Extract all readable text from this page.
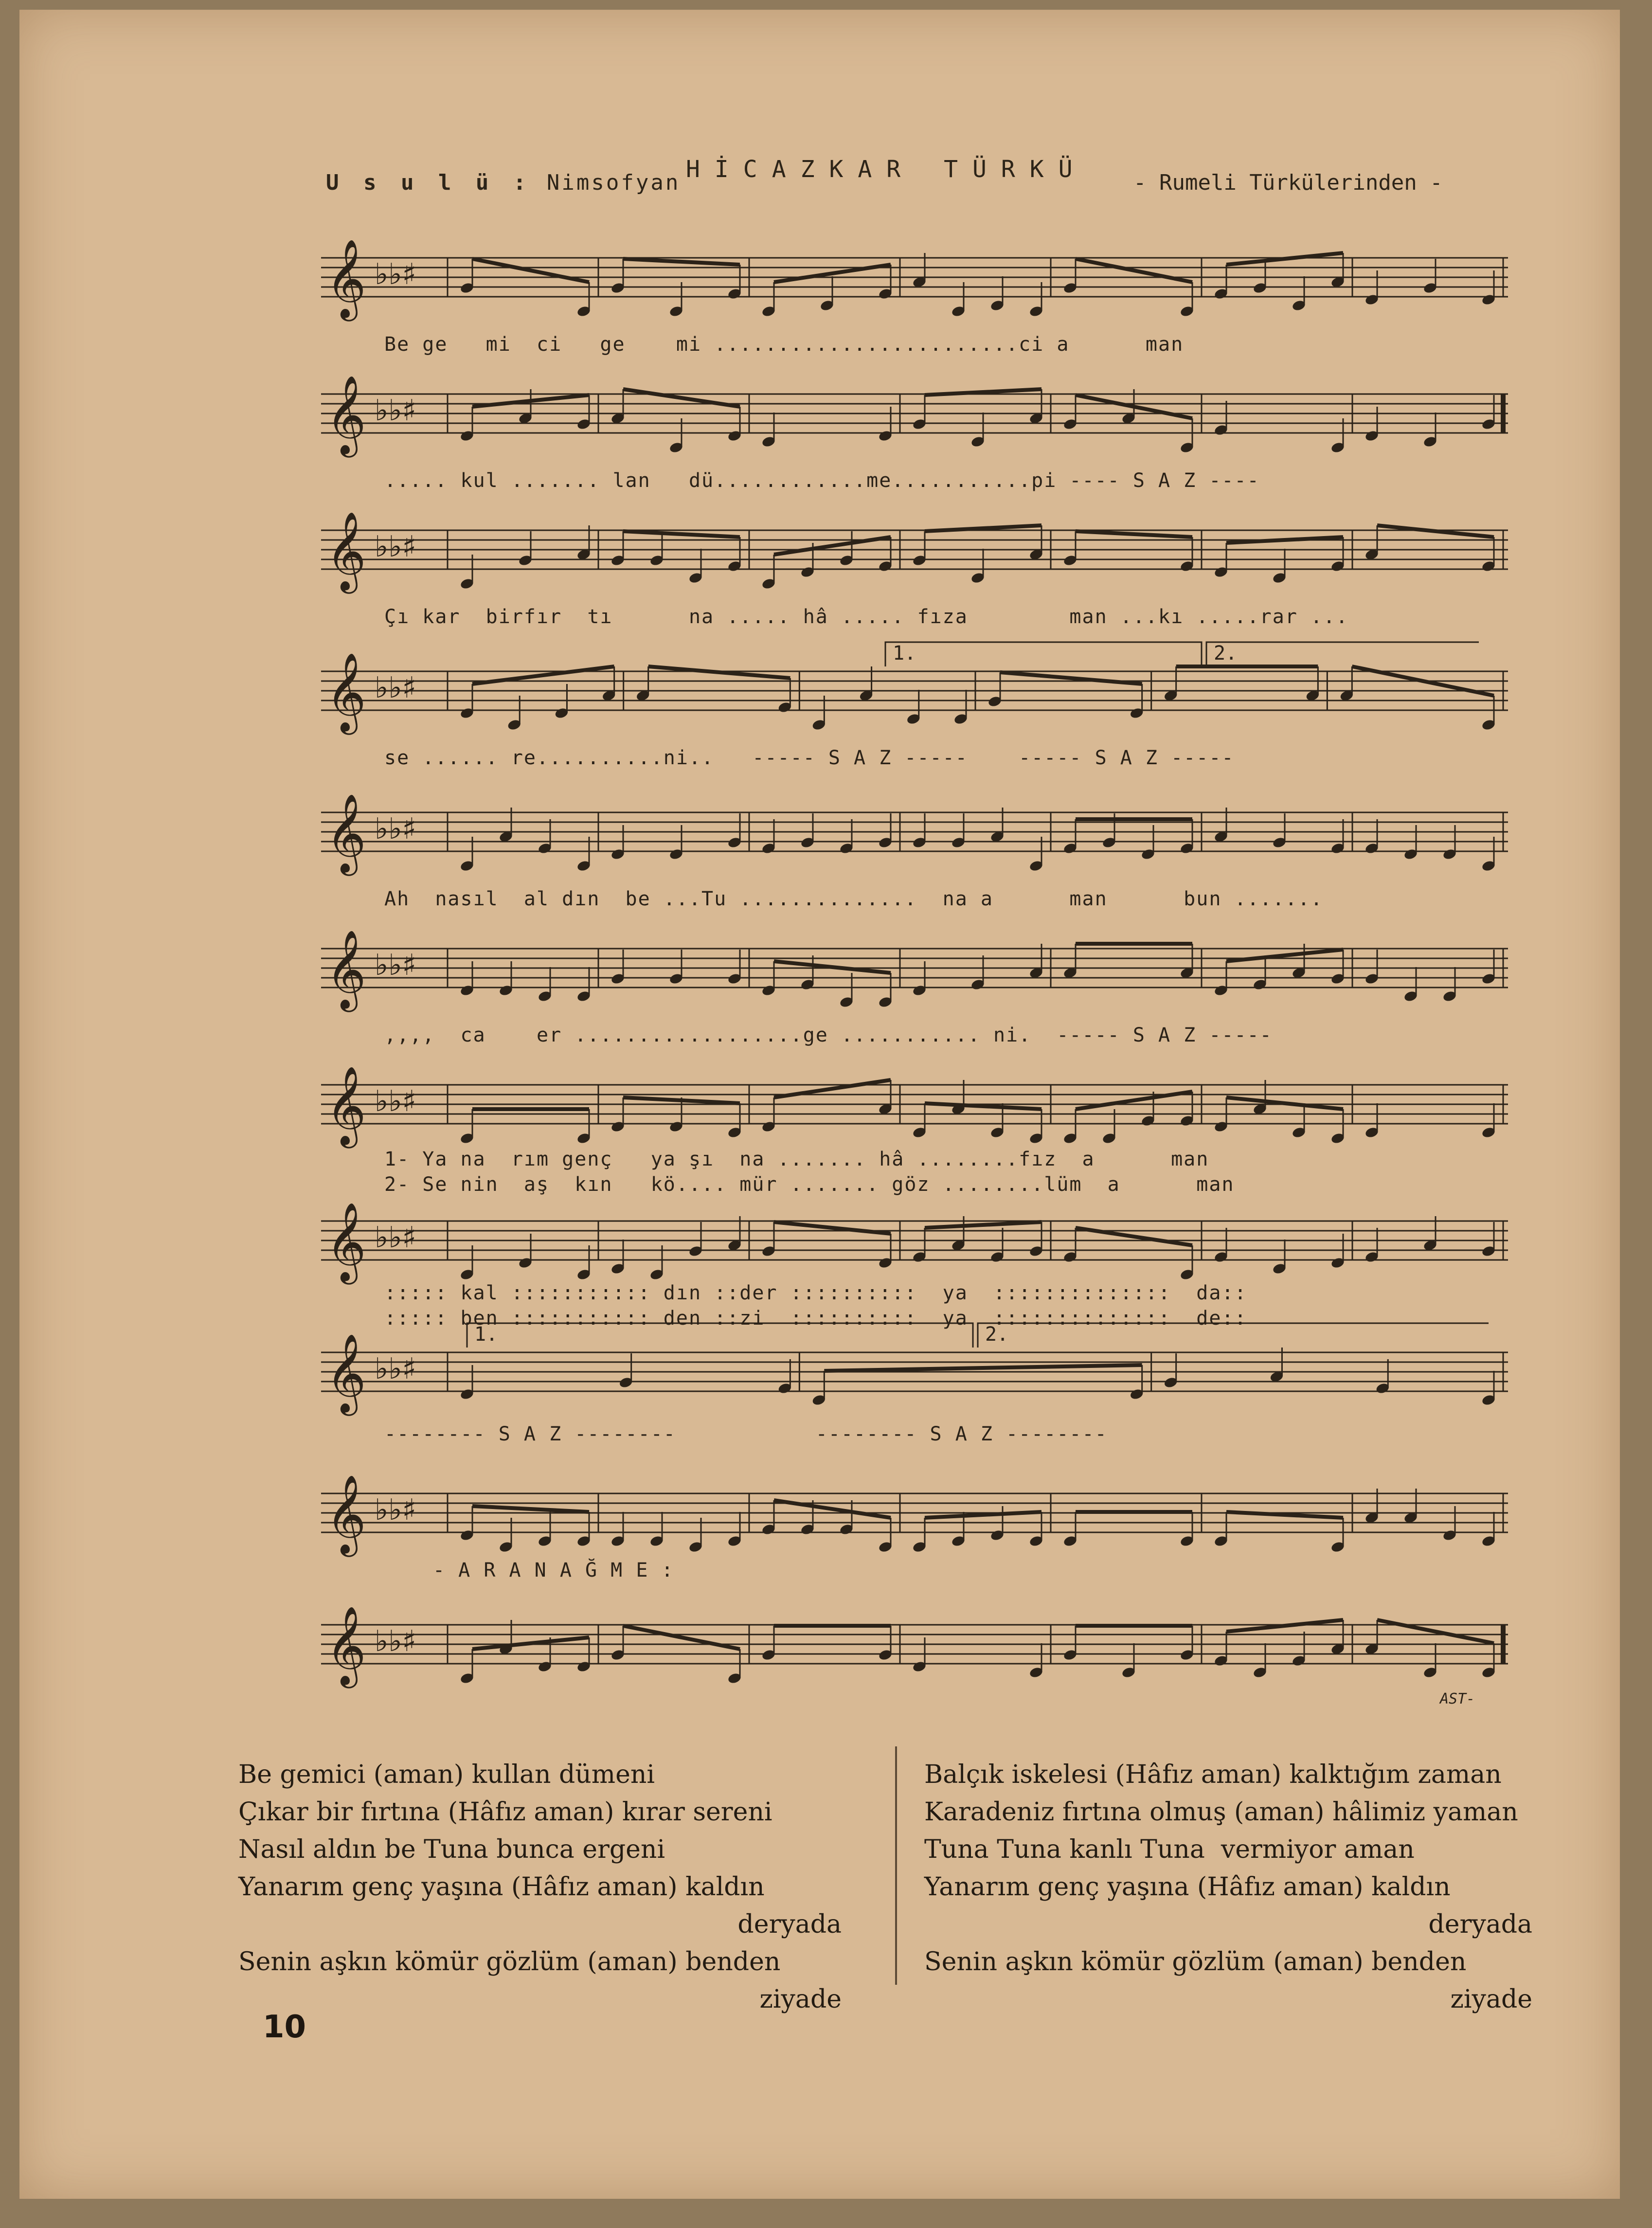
U s u l ü : Nimsofyan HİCAZKAR TÜRKÜ - Rumeli Türkülerinden -
𝄞 ♭♭♯
Be ge   mi  ci   ge    mi ........................ci a      man
𝄞 ♭♭♯
..... kul ....... lan   dü............me...........pi ---- S A Z ----
𝄞 ♭♭♯
Çı kar  birfır  tı      na ..... hâ ..... fıza        man ...kı .....rar ...
𝄞 ♭♭♯
1.	2.
se ...... re..........ni..   ----- S A Z -----    ----- S A Z -----
𝄞 ♭♭♯
Ah  nasıl  al dın  be ...Tu ..............  na a      man      bun .......
𝄞 ♭♭♯
,,,,  ca    er ..................ge ........... ni.  ----- S A Z -----
𝄞 ♭♭♯
1- Ya na  rım genç   ya şı  na ....... hâ ........fız  a      man
2- Se nin  aş  kın   kö.... mür ....... göz ........lüm  a      man
𝄞 ♭♭♯
::::: kal ::::::::::: dın ::der ::::::::::  ya  ::::::::::::::  da::
::::: ben ::::::::::: den ::zi  ::::::::::  ya  ::::::::::::::  de::
𝄞 ♭♭♯
1.	2.
-------- S A Z --------           -------- S A Z --------
𝄞 ♭♭♯
- A R A N A Ğ M E :
𝄞 ♭♭♯
AST-
Be gemici (aman) kullan dümeni
Çıkar bir fırtına (Hâfız aman) kırar sereni
Nasıl aldın be Tuna bunca ergeni
Yanarım genç yaşına (Hâfız aman) kaldın
deryada
Senin aşkın kömür gözlüm (aman) benden
ziyade
Balçık iskelesi (Hâfız aman) kalktığım zaman
Karadeniz fırtına olmuş (aman) hâlimiz yaman
Tuna Tuna kanlı Tuna  vermiyor aman
Yanarım genç yaşına (Hâfız aman) kaldın
deryada
Senin aşkın kömür gözlüm (aman) benden
ziyade
10
